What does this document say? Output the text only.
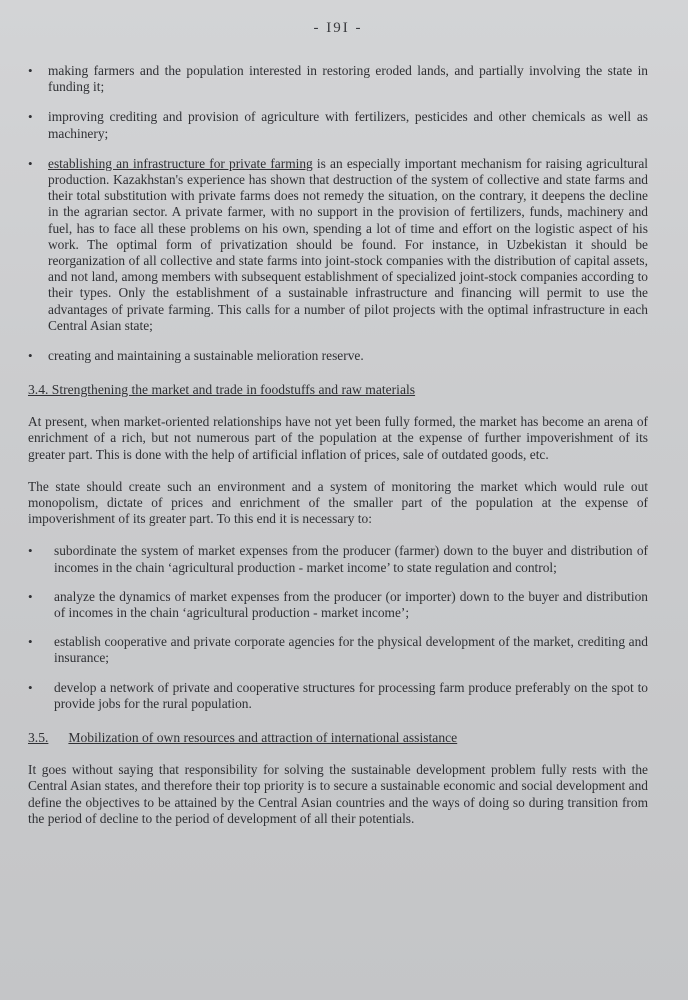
- I9I -
• making farmers and the population interested in restoring eroded lands, and partially involving the state in funding it;
• improving crediting and provision of agriculture with fertilizers, pesticides and other chemicals as well as machinery;
• establishing an infrastructure for private farming is an especially important mechanism for raising agricultural production. Kazakhstan's experience has shown that destruction of the system of collective and state farms and their total substitution with private farms does not remedy the situation, on the contrary, it deepens the decline in the agrarian sector. A private farmer, with no support in the provision of fertilizers, funds, machinery and fuel, has to face all these problems on his own, spending a lot of time and effort on the logistic aspect of his work. The optimal form of privatization should be found. For instance, in Uzbekistan it should be reorganization of all collective and state farms into joint-stock companies with the distribution of capital assets, and not land, among members with subsequent establishment of specialized joint-stock companies according to their types. Only the establishment of a sustainable infrastructure and financing will permit to use the advantages of private farming. This calls for a number of pilot projects with the optimal infrastructure in each Central Asian state;
• creating and maintaining a sustainable melioration reserve.
3.4. Strengthening the market and trade in foodstuffs and raw materials

At present, when market-oriented relationships have not yet been fully formed, the market has become an arena of enrichment of a rich, but not numerous part of the population at the expense of further impoverishment of its greater part. This is done with the help of artificial inflation of prices, sale of outdated goods, etc.

The state should create such an environment and a system of monitoring the market which would rule out monopolism, dictate of prices and enrichment of the smaller part of the population at the expense of impoverishment of its greater part. To this end it is necessary to:

• subordinate the system of market expenses from the producer (farmer) down to the buyer and distribution of incomes in the chain ‘agricultural production - market income’ to state regulation and control;
• analyze the dynamics of market expenses from the producer (or importer) down to the buyer and distribution of incomes in the chain ‘agricultural production - market income’;
• establish cooperative and private corporate agencies for the physical development of the market, crediting and insurance;
• develop a network of private and cooperative structures for processing farm produce preferably on the spot to provide jobs for the rural population.
3.5. Mobilization of own resources and attraction of international assistance

It goes without saying that responsibility for solving the sustainable development problem fully rests with the Central Asian states, and therefore their top priority is to secure a sustainable economic and social development and define the objectives to be attained by the Central Asian countries and the ways of doing so during transition from the period of decline to the period of development of all their potentials.
